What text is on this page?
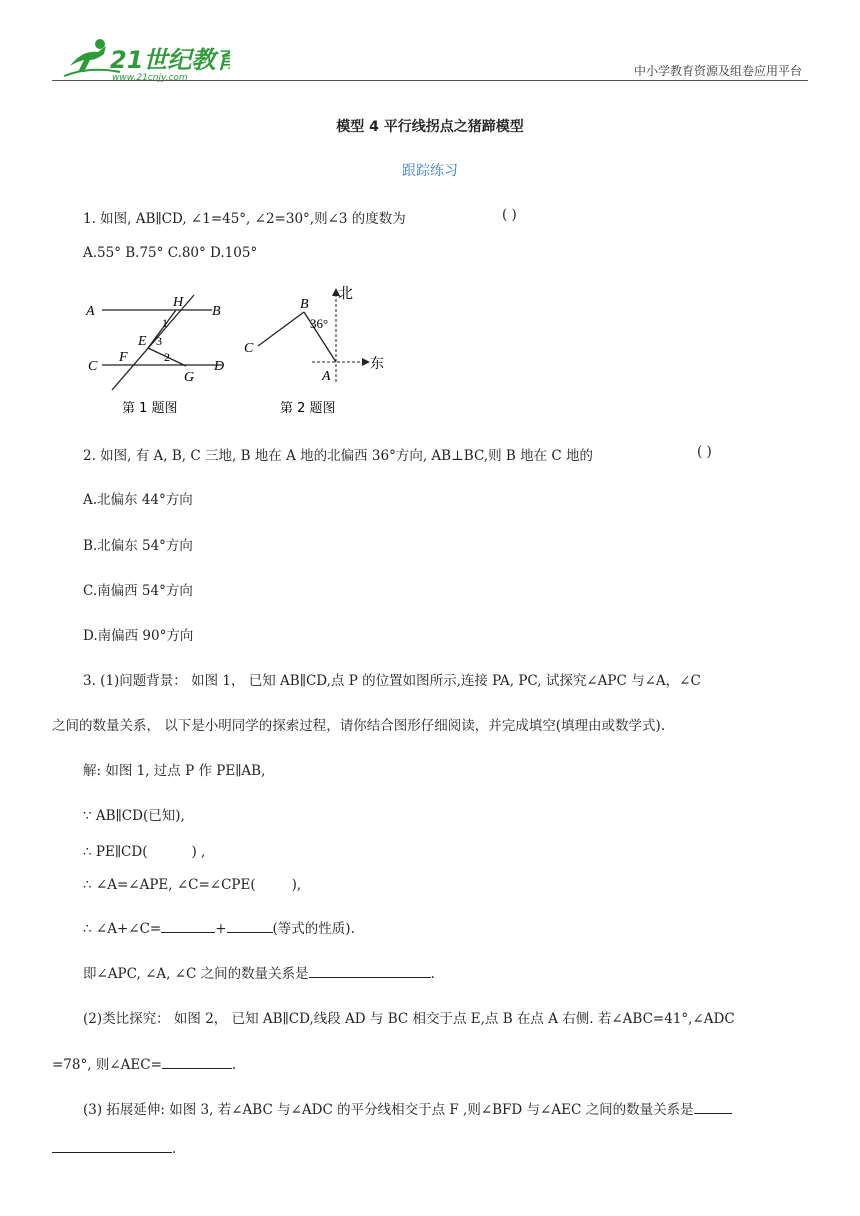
21世纪教育
www.21cnjy.com	中小学教育资源及组卷应用平台
模型 4 平行线拐点之猪蹄模型
跟踪练习
1. 如图, AB∥CD, ∠1=45°, ∠2=30°,则∠3 的度数为	( )
A.55° B.75° C.80° D.105°
A	B
C	D
H
E
F
G
1
2
3
第 1 题图
北
东
B
C
A
36°
第 2 题图
2. 如图, 有 A, B, C 三地, B 地在 A 地的北偏西 36°方向, AB⊥BC,则 B 地在 C 地的	( )
A.北偏东 44°方向
B.北偏东 54°方向
C.南偏西 54°方向
D.南偏西 90°方向
3. (1)问题背景： 如图 1， 已知 AB∥CD,点 P 的位置如图所示,连接 PA, PC, 试探究∠APC 与∠A，∠C
之间的数量关系， 以下是小明同学的探索过程，请你结合图形仔细阅读，并完成填空(填理由或数学式).
解: 如图 1, 过点 P 作 PE∥AB,
∵ AB∥CD(已知),
∴ PE∥CD(	) ,
∴ ∠A=∠APE, ∠C=∠CPE(	),
∴ ∠A+∠C=	+	(等式的性质).
即∠APC, ∠A, ∠C 之间的数量关系是	.
(2)类比探究： 如图 2， 已知 AB∥CD,线段 AD 与 BC 相交于点 E,点 B 在点 A 右侧. 若∠ABC=41°,∠ADC
=78°, 则∠AEC=	.
(3) 拓展延伸: 如图 3, 若∠ABC 与∠ADC 的平分线相交于点 F ,则∠BFD 与∠AEC 之间的数量关系是
.
